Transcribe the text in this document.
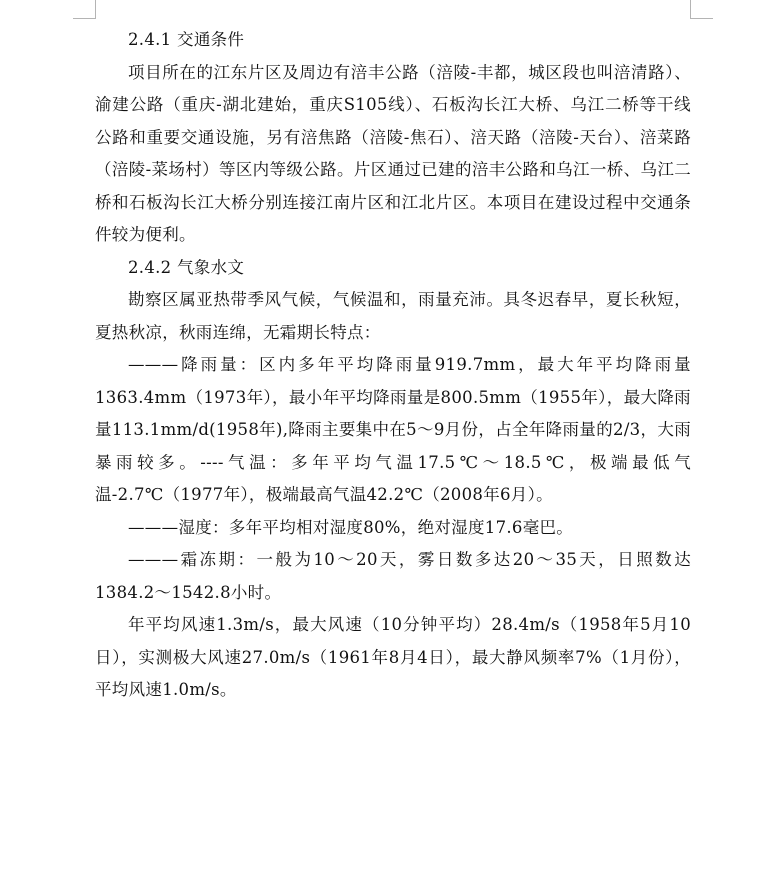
2.4.1 交通条件

项目所在的江东片区及周边有涪丰公路（涪陵-丰都，城区段也叫涪清路）、渝建公路（重庆-湖北建始，重庆S105线）、石板沟长江大桥、乌江二桥等干线公路和重要交通设施，另有涪焦路（涪陵-焦石）、涪天路（涪陵-天台）、涪菜路（涪陵-菜场村）等区内等级公路。片区通过已建的涪丰公路和乌江一桥、乌江二桥和石板沟长江大桥分别连接江南片区和江北片区。本项目在建设过程中交通条件较为便利。

2.4.2 气象水文

勘察区属亚热带季风气候，气候温和，雨量充沛。具冬迟春早，夏长秋短，夏热秋凉，秋雨连绵，无霜期长特点：

———降雨量：区内多年平均降雨量919.7mm，最大年平均降雨量1363.4mm（1973年），最小年平均降雨量是800.5mm（1955年），最大降雨量113.1mm/d(1958年),降雨主要集中在5～9月份，占全年降雨量的2/3，大雨暴雨较多。----气温：多年平均气温17.5℃～18.5℃，极端最低气温-2.7℃（1977年），极端最高气温42.2℃（2008年6月）。

———湿度：多年平均相对湿度80%，绝对湿度17.6毫巴。

———霜冻期：一般为10～20天，雾日数多达20～35天，日照数达1384.2～1542.8小时。

年平均风速1.3m/s，最大风速（10分钟平均）28.4m/s（1958年5月10日），实测极大风速27.0m/s（1961年8月4日），最大静风频率7%（1月份），平均风速1.0m/s。
